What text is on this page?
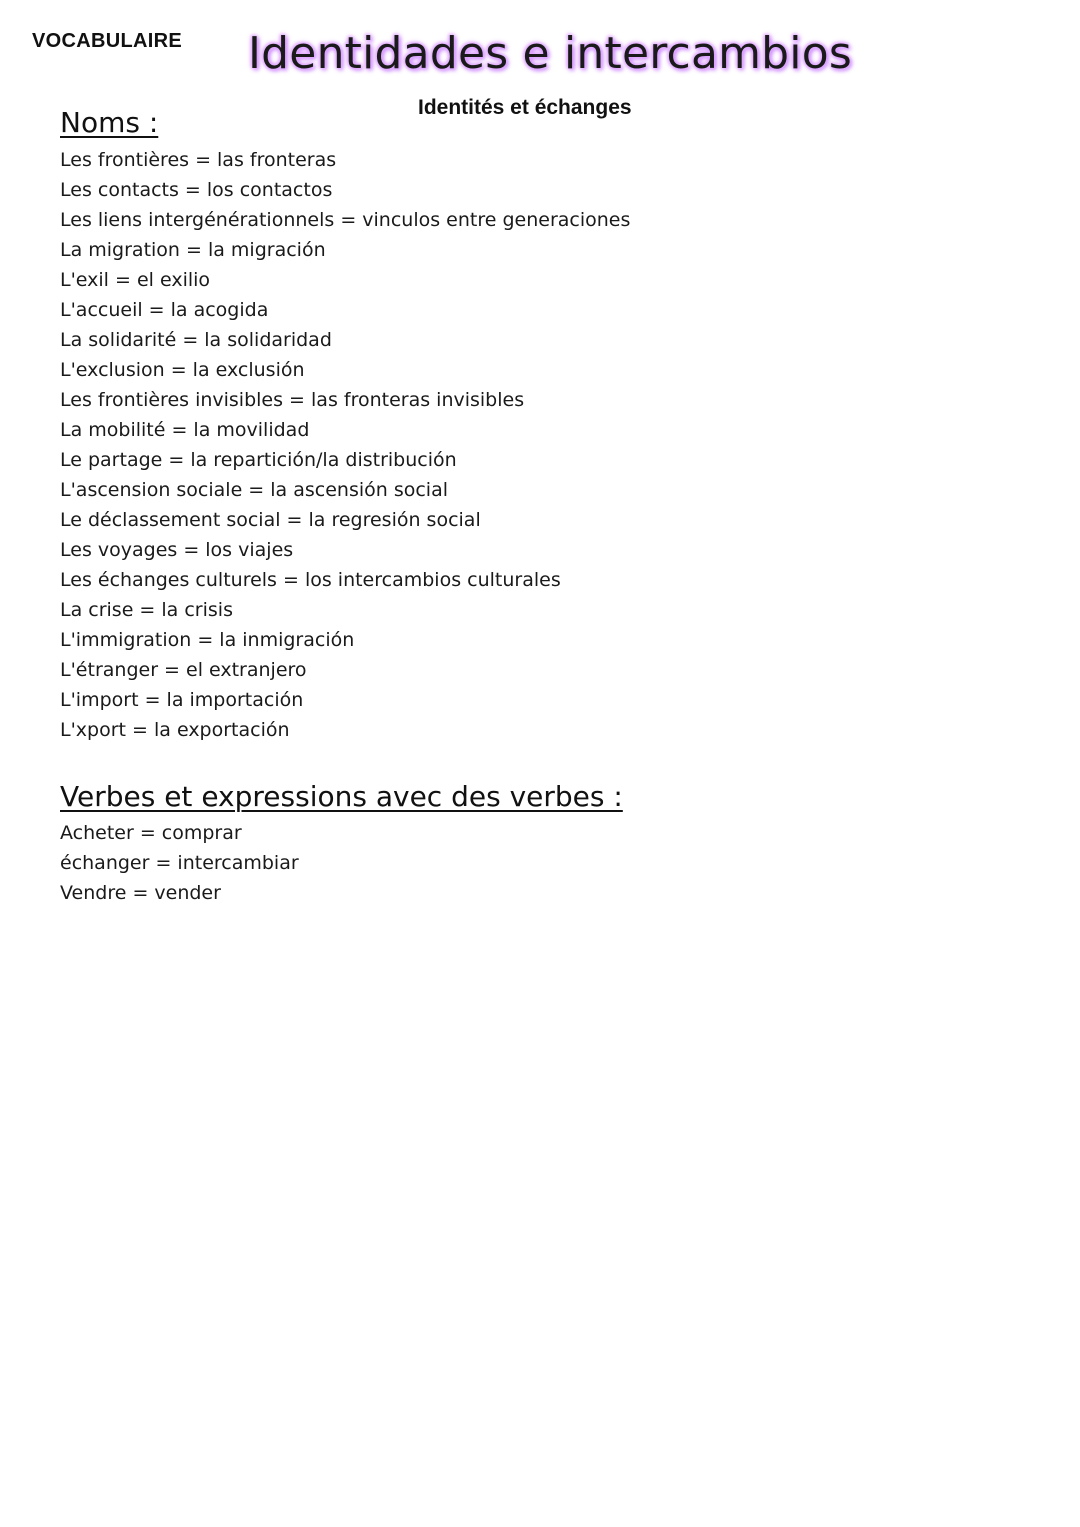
VOCABULAIRE Identidades e intercambios
Identités et échanges
Noms :
Les frontières = las fronteras
Les contacts = los contactos
Les liens intergénérationnels = vinculos entre generaciones
La migration = la migración
L'exil = el exilio
L'accueil = la acogida
La solidarité = la solidaridad
L'exclusion = la exclusión
Les frontières invisibles = las fronteras invisibles
La mobilité = la movilidad
Le partage = la repartición/la distribución
L'ascension sociale = la ascensión social
Le déclassement social = la regresión social
Les voyages = los viajes
Les échanges culturels = los intercambios culturales
La crise = la crisis
L'immigration = la inmigración
L'étranger = el extranjero
L'import = la importación
L'xport = la exportación
Verbes et expressions avec des verbes :
Acheter = comprar
échanger = intercambiar
Vendre = vender
